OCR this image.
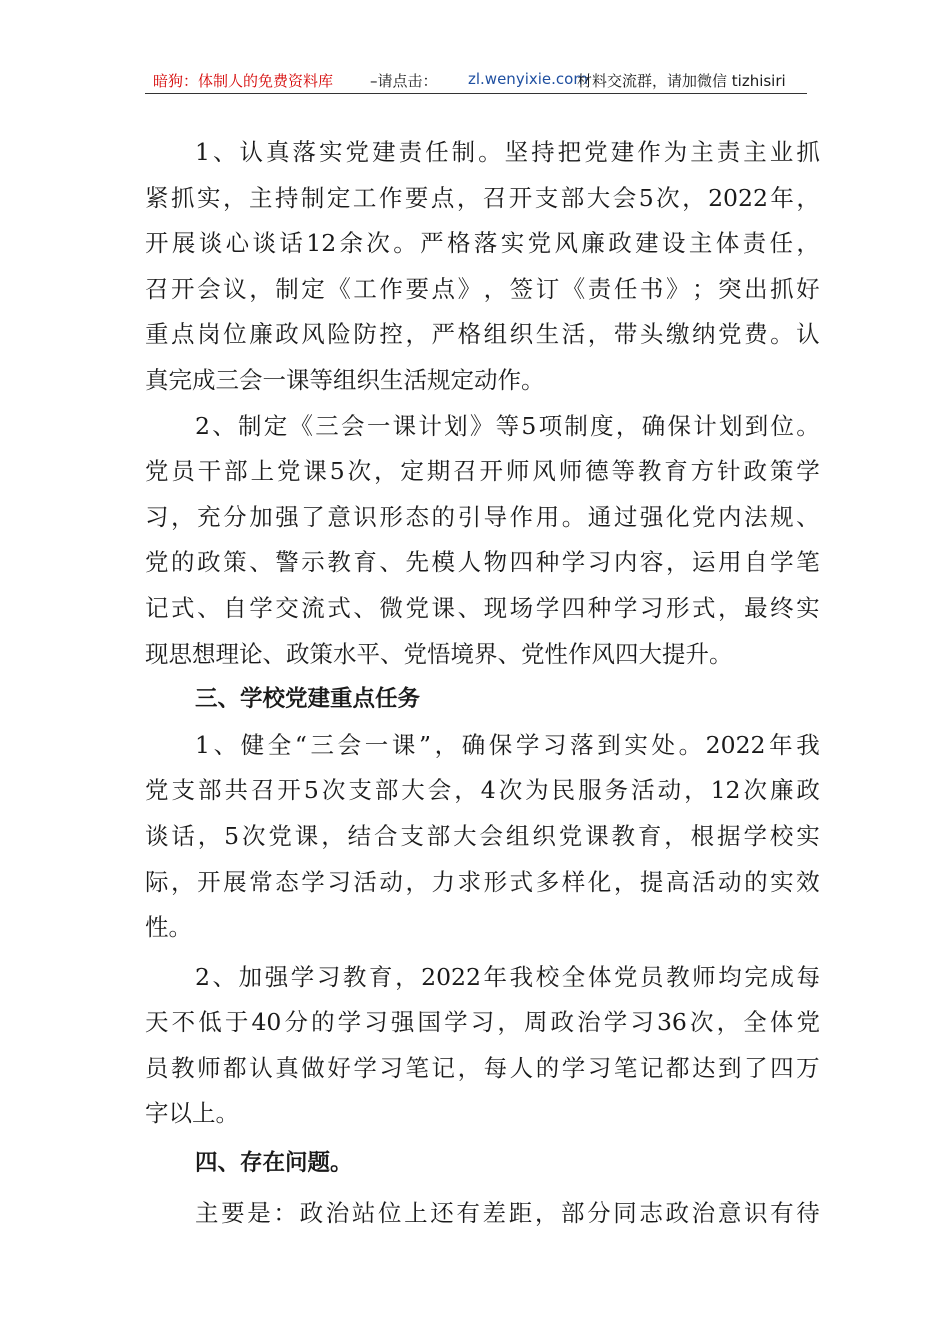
暗狗：体制人的免费资料库 –请点击： zl.wenyixie.com
材料交流群，请加微信 tizhisiri
1 、 认 真 落 实 党 建 责 任 制 。 坚 持 把 党 建 作 为 主 责 主 业 抓
紧 抓 实 ， 主 持 制 定 工 作 要 点 ， 召 开 支 部 大 会 5 次 ， 2022 年 ，
开 展 谈 心 谈 话 12 余 次 。 严 格 落 实 党 风 廉 政 建 设 主 体 责 任 ，
召 开 会 议 ， 制 定 《 工 作 要 点 》 ， 签 订 《 责 任 书 》 ； 突 出 抓 好
重 点 岗 位 廉 政 风 险 防 控 ， 严 格 组 织 生 活 ， 带 头 缴 纳 党 费 。 认
真完成三会一课等组织生活规定动作。
2 、 制 定 《 三 会 一 课 计 划 》 等 5 项 制 度 ， 确 保 计 划 到 位 。
党 员 干 部 上 党 课 5 次 ， 定 期 召 开 师 风 师 德 等 教 育 方 针 政 策 学
习 ， 充 分 加 强 了 意 识 形 态 的 引 导 作 用 。 通 过 强 化 党 内 法 规 、
党 的 政 策 、 警 示 教 育 、 先 模 人 物 四 种 学 习 内 容 ， 运 用 自 学 笔
记 式 、 自 学 交 流 式 、 微 党 课 、 现 场 学 四 种 学 习 形 式 ， 最 终 实
现思想理论、政策水平、党悟境界、党性作风四大提升。
三、学校党建重点任务
1 、 健 全 “ 三 会 一 课 ” ， 确 保 学 习 落 到 实 处 。 2022 年 我
党 支 部 共 召 开 5 次 支 部 大 会 ， 4 次 为 民 服 务 活 动 ， 12 次 廉 政
谈 话 ， 5 次 党 课 ， 结 合 支 部 大 会 组 织 党 课 教 育 ， 根 据 学 校 实
际 ， 开 展 常 态 学 习 活 动 ， 力 求 形 式 多 样 化 ， 提 高 活 动 的 实 效
性。
2 、 加 强 学 习 教 育 ， 2022 年 我 校 全 体 党 员 教 师 均 完 成 每
天 不 低 于 40 分 的 学 习 强 国 学 习 ， 周 政 治 学 习 36 次 ， 全 体 党
员 教 师 都 认 真 做 好 学 习 笔 记 ， 每 人 的 学 习 笔 记 都 达 到 了 四 万
字以上。
四、存在问题。
主 要 是 ： 政 治 站 位 上 还 有 差 距 ， 部 分 同 志 政 治 意 识 有 待
